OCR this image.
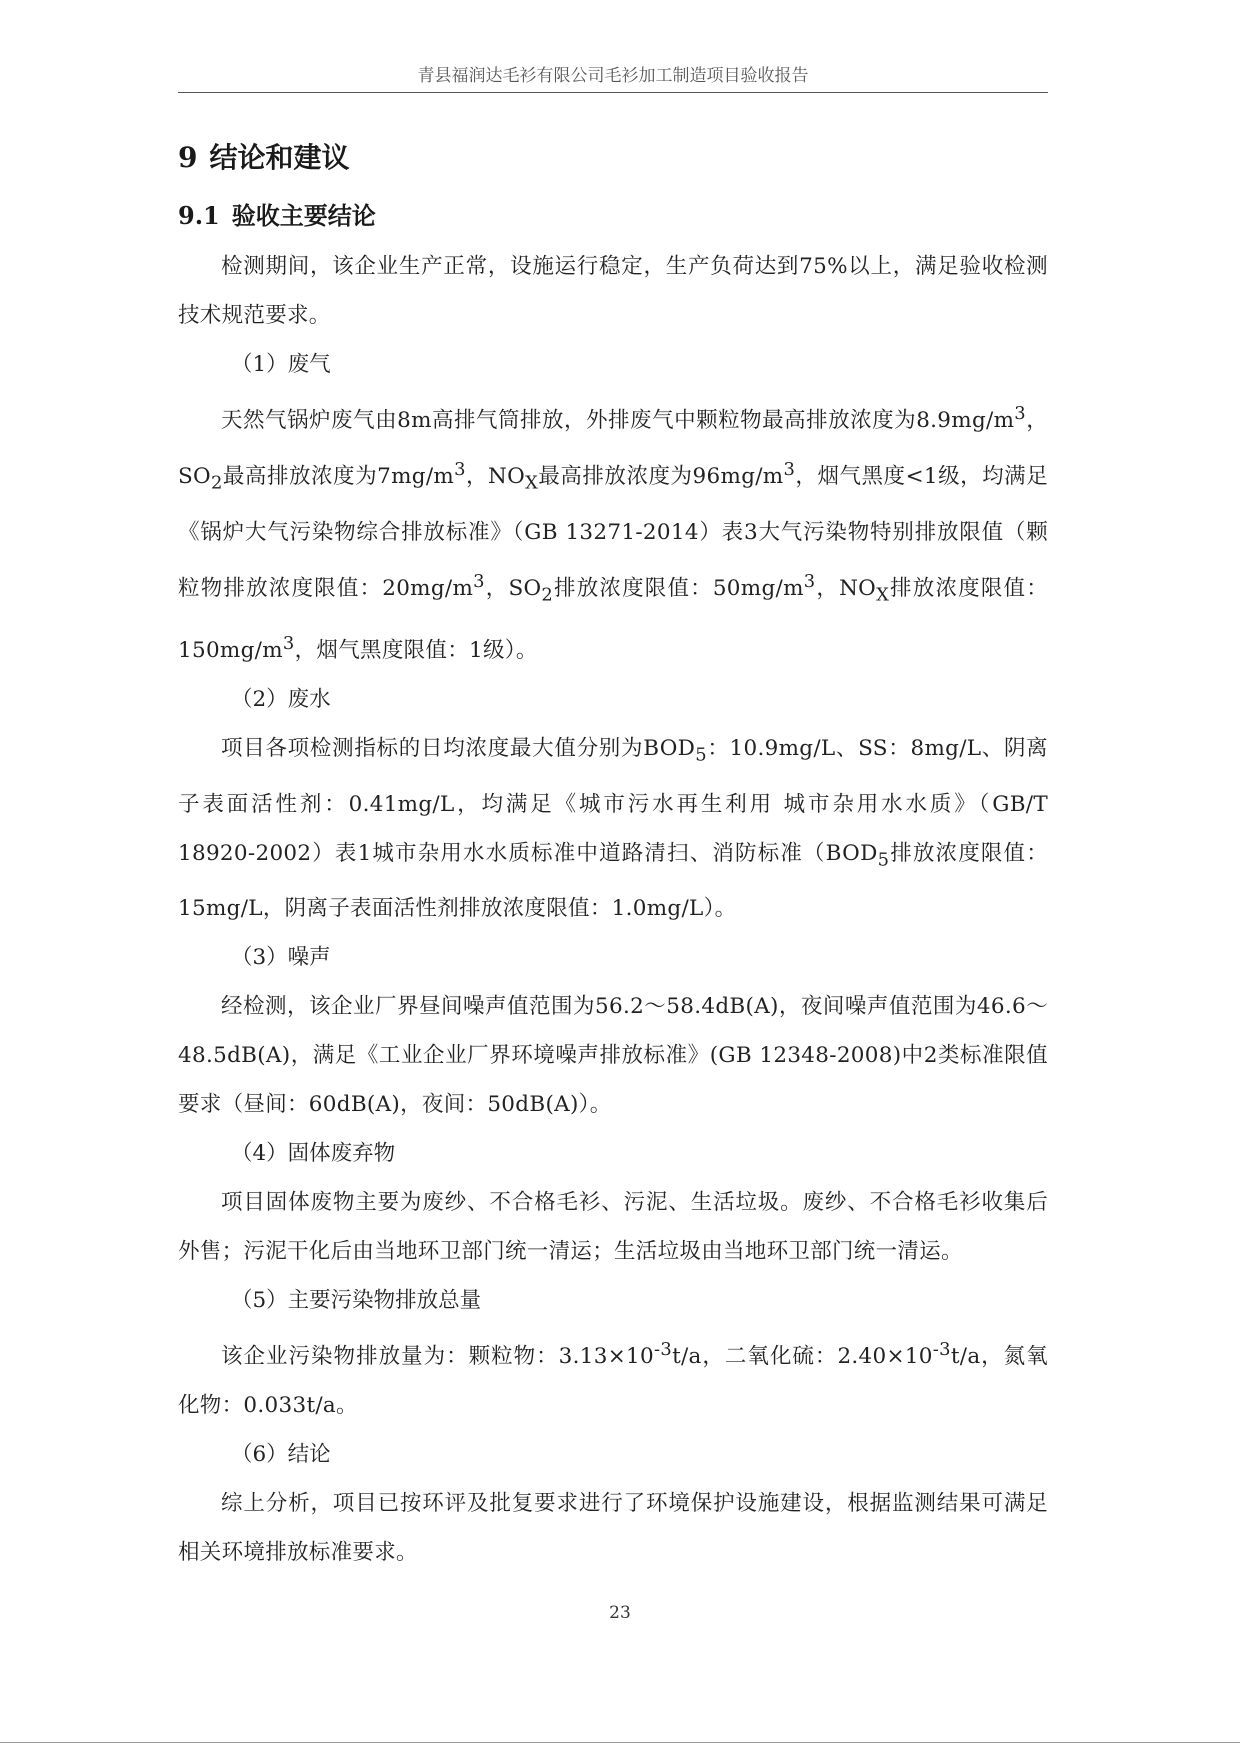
青县福润达毛衫有限公司毛衫加工制造项目验收报告
9 结论和建议
9.1 验收主要结论

检测期间，该企业生产正常，设施运行稳定，生产负荷达到75%以上，满足验收检测技术规范要求。

（1）废气

天然气锅炉废气由8m高排气筒排放，外排废气中颗粒物最高排放浓度为$8.9mg/m^3$，$SO_2$最高排放浓度为$7mg/m^3$，$NO_X$最高排放浓度为$96mg/m^3$，烟气黑度<1级，均满足《锅炉大气污染物综合排放标准》（GB 13271-2014）表3大气污染物特别排放限值（颗粒物排放浓度限值：$20mg/m^3$，$SO_2$排放浓度限值：$50mg/m^3$，$NO_X$排放浓度限值：$150mg/m^3$，烟气黑度限值：1级）。

（2）废水

项目各项检测指标的日均浓度最大值分别为$BOD_5$：10.9mg/L、SS：8mg/L、阴离子表面活性剂：0.41mg/L，均满足《城市污水再生利用 城市杂用水水质》（GB/T 18920-2002）表1城市杂用水水质标准中道路清扫、消防标准（$BOD_5$排放浓度限值：15mg/L，阴离子表面活性剂排放浓度限值：1.0mg/L）。

（3）噪声

经检测，该企业厂界昼间噪声值范围为56.2～58.4dB(A)，夜间噪声值范围为46.6～48.5dB(A)，满足《工业企业厂界环境噪声排放标准》(GB 12348-2008)中2类标准限值要求（昼间：60dB(A)，夜间：50dB(A)）。

（4）固体废弃物

项目固体废物主要为废纱、不合格毛衫、污泥、生活垃圾。废纱、不合格毛衫收集后外售；污泥干化后由当地环卫部门统一清运；生活垃圾由当地环卫部门统一清运。

（5）主要污染物排放总量

该企业污染物排放量为：颗粒物：$3.13\times 10^{-3}t/a$，二氧化硫：$2.40\times 10^{-3}t/a$，氮氧化物：0.033t/a。

（6）结论

综上分析，项目已按环评及批复要求进行了环境保护设施建设，根据监测结果可满足相关环境排放标准要求。

23
